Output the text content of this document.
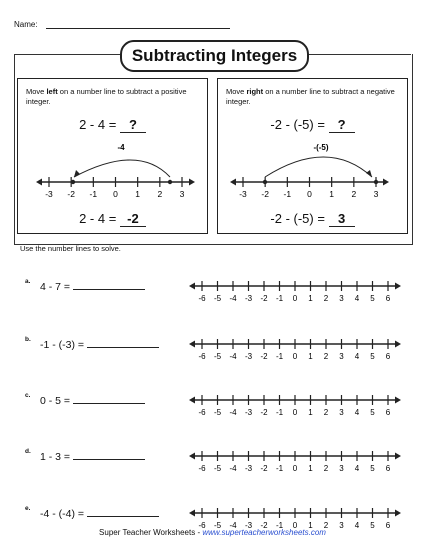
Name:
Subtracting Integers
Move left on a number line to subtract a positive integer.
2 - 4 = ?
-4
-3 -2 -1 0 1 2 3
2 - 4 = -2
Move right on a number line to subtract a negative integer.
-2 - (-5) = ?
-(-5)
-3 -2 -1 0 1 2 3
-2 - (-5) = 3
Use the number lines to solve.
a. 4 - 7 =
-6 -5 -4 -3 -2 -1 0 1 2 3 4 5 6
b. -1 - (-3) =
-6 -5 -4 -3 -2 -1 0 1 2 3 4 5 6
c. 0 - 5 =
-6 -5 -4 -3 -2 -1 0 1 2 3 4 5 6
d. 1 - 3 =
-6 -5 -4 -3 -2 -1 0 1 2 3 4 5 6
e. -4 - (-4) =
-6 -5 -4 -3 -2 -1 0 1 2 3 4 5 6
Super Teacher Worksheets - www.superteacherworksheets.com
